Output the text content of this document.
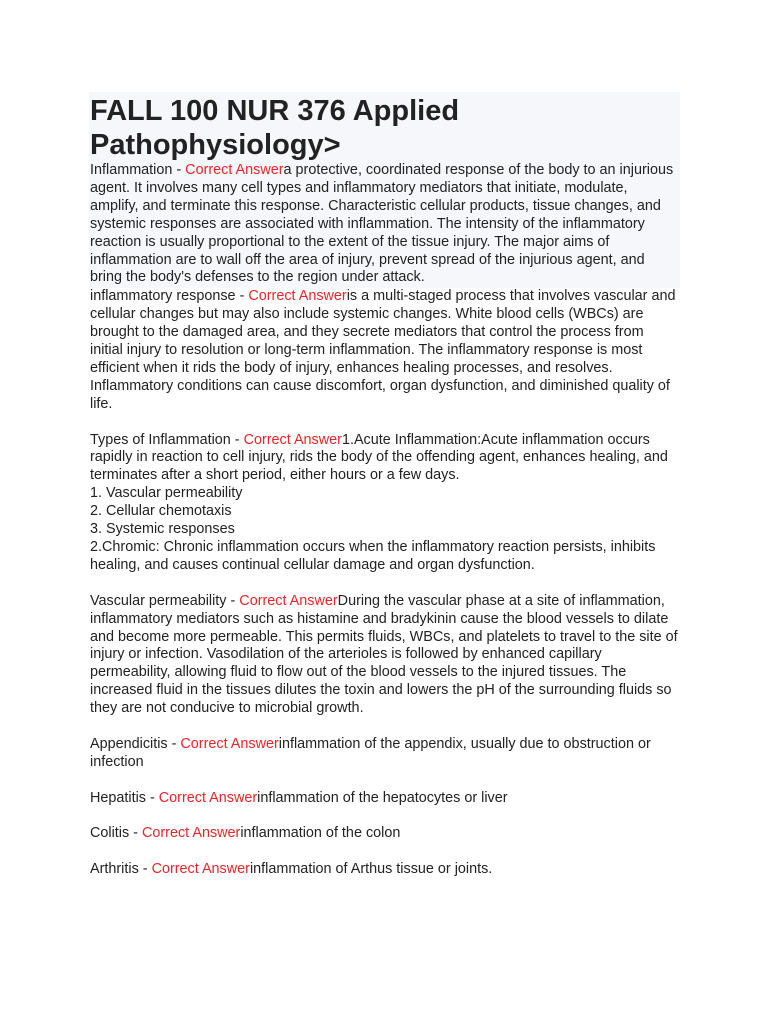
FALL 100 NUR 376 Applied Pathophysiology>

Inflammation - Correct Answera protective, coordinated response of the body to an injurious agent. It involves many cell types and inflammatory mediators that initiate, modulate, amplify, and terminate this response. Characteristic cellular products, tissue changes, and systemic responses are associated with inflammation. The intensity of the inflammatory reaction is usually proportional to the extent of the tissue injury. The major aims of inflammation are to wall off the area of injury, prevent spread of the injurious agent, and bring the body's defenses to the region under attack.

inflammatory response - Correct Answeris a multi-staged process that involves vascular and cellular changes but may also include systemic changes. White blood cells (WBCs) are brought to the damaged area, and they secrete mediators that control the process from initial injury to resolution or long-term inflammation. The inflammatory response is most efficient when it rids the body of injury, enhances healing processes, and resolves. Inflammatory conditions can cause discomfort, organ dysfunction, and diminished quality of life.

Types of Inflammation - Correct Answer1.Acute Inflammation:Acute inflammation occurs rapidly in reaction to cell injury, rids the body of the offending agent, enhances healing, and terminates after a short period, either hours or a few days.
1. Vascular permeability
2. Cellular chemotaxis
3. Systemic responses
2.Chromic: Chronic inflammation occurs when the inflammatory reaction persists, inhibits healing, and causes continual cellular damage and organ dysfunction.

Vascular permeability - Correct AnswerDuring the vascular phase at a site of inflammation, inflammatory mediators such as histamine and bradykinin cause the blood vessels to dilate and become more permeable. This permits fluids, WBCs, and platelets to travel to the site of injury or infection. Vasodilation of the arterioles is followed by enhanced capillary permeability, allowing fluid to flow out of the blood vessels to the injured tissues. The increased fluid in the tissues dilutes the toxin and lowers the pH of the surrounding fluids so they are not conducive to microbial growth.

Appendicitis - Correct Answerinflammation of the appendix, usually due to obstruction or infection

Hepatitis - Correct Answerinflammation of the hepatocytes or liver

Colitis - Correct Answerinflammation of the colon

Arthritis - Correct Answerinflammation of Arthus tissue or joints.
